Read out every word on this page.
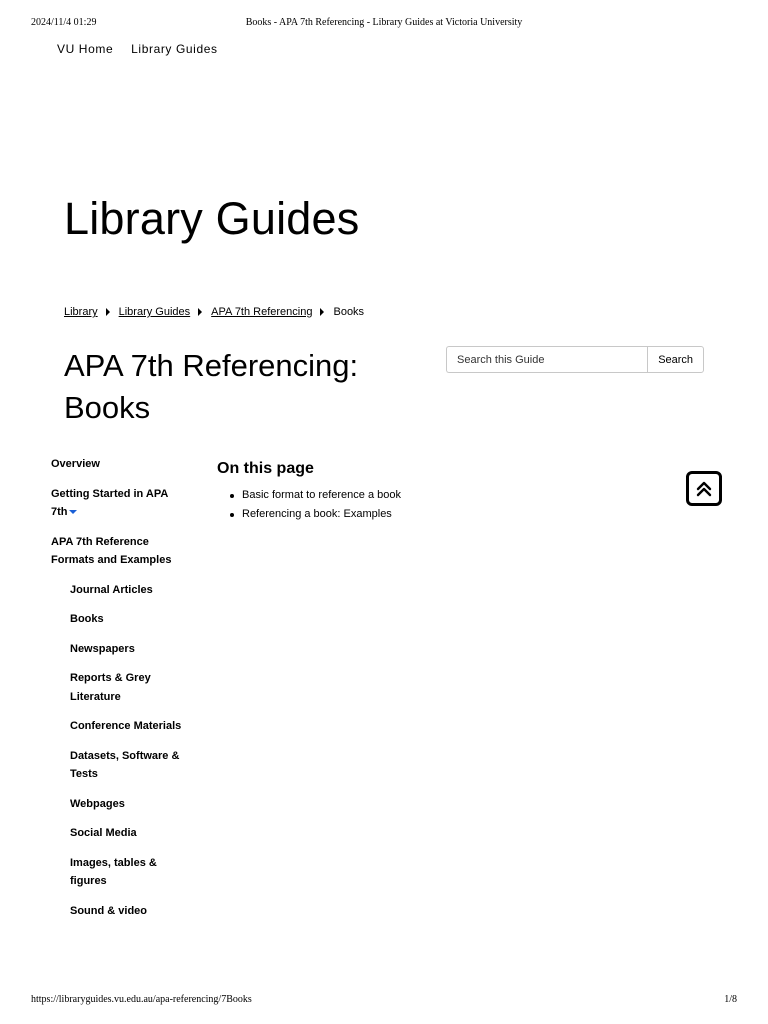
2024/11/4 01:29	Books - APA 7th Referencing - Library Guides at Victoria University
VU Home Library Guides
Library Guides
Library Library Guides APA 7th Referencing Books
APA 7th Referencing: Books
Search this Guide
Search
Overview
Getting Started in APA 7th
APA 7th Reference Formats and Examples
Journal Articles
Books
Newspapers
Reports & Grey Literature
Conference Materials
Datasets, Software & Tests
Webpages
Social Media
Images, tables & figures
Sound & video
On this page
Basic format to reference a book
Referencing a book: Examples
https://libraryguides.vu.edu.au/apa-referencing/7Books	1/8
